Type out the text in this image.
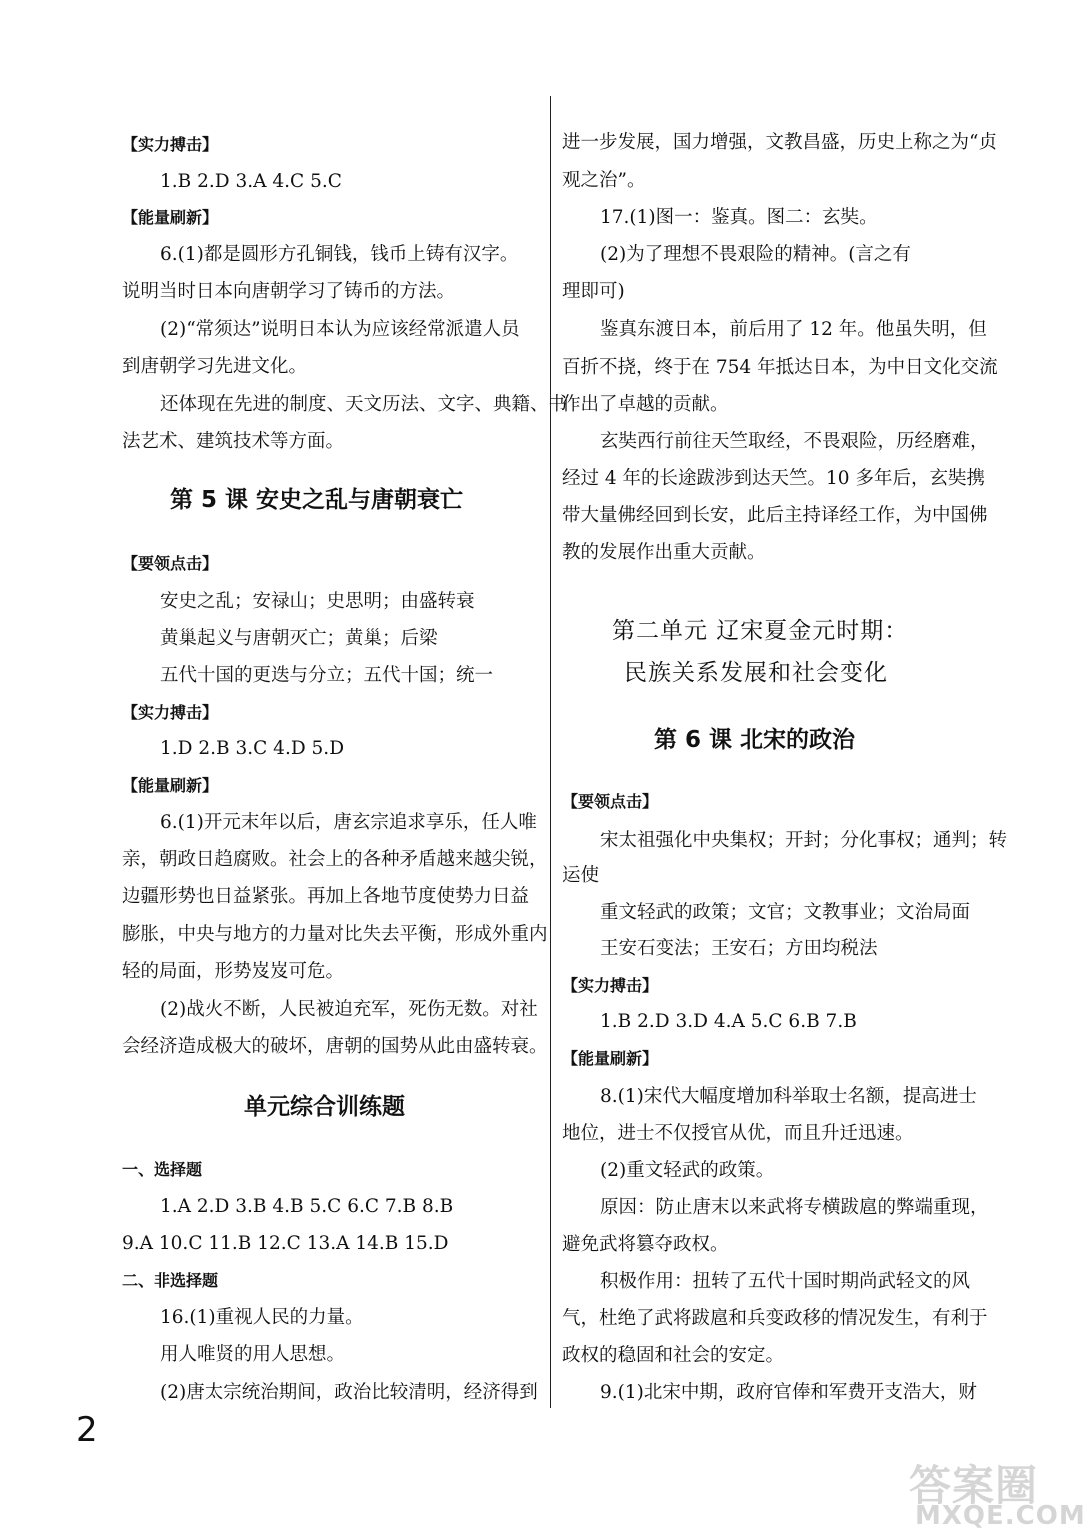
【实力搏击】
1.B 2.D 3.A 4.C 5.C
【能量刷新】
6.(1)都是圆形方孔铜钱，钱币上铸有汉字。
说明当时日本向唐朝学习了铸币的方法。
(2)“常须达”说明日本认为应该经常派遣人员
到唐朝学习先进文化。
还体现在先进的制度、天文历法、文字、典籍、书
法艺术、建筑技术等方面。
第 5 课 安史之乱与唐朝衰亡
【要领点击】
安史之乱；安禄山；史思明；由盛转衰
黄巢起义与唐朝灭亡；黄巢；后梁
五代十国的更迭与分立；五代十国；统一
【实力搏击】
1.D 2.B 3.C 4.D 5.D
【能量刷新】
6.(1)开元末年以后，唐玄宗追求享乐，任人唯
亲，朝政日趋腐败。社会上的各种矛盾越来越尖锐，
边疆形势也日益紧张。再加上各地节度使势力日益
膨胀，中央与地方的力量对比失去平衡，形成外重内
轻的局面，形势岌岌可危。
(2)战火不断，人民被迫充军，死伤无数。对社
会经济造成极大的破坏，唐朝的国势从此由盛转衰。
单元综合训练题
一、选择题
1.A 2.D 3.B 4.B 5.C 6.C 7.B 8.B
9.A 10.C 11.B 12.C 13.A 14.B 15.D
二、非选择题
16.(1)重视人民的力量。
用人唯贤的用人思想。
(2)唐太宗统治期间，政治比较清明，经济得到
进一步发展，国力增强，文教昌盛，历史上称之为“贞
观之治”。
17.(1)图一：鉴真。图二：玄奘。
(2)为了理想不畏艰险的精神。(言之有
理即可)
鉴真东渡日本，前后用了 12 年。他虽失明，但
百折不挠，终于在 754 年抵达日本，为中日文化交流
作出了卓越的贡献。
玄奘西行前往天竺取经，不畏艰险，历经磨难，
经过 4 年的长途跋涉到达天竺。10 多年后，玄奘携
带大量佛经回到长安，此后主持译经工作，为中国佛
教的发展作出重大贡献。
第二单元 辽宋夏金元时期：
民族关系发展和社会变化
第 6 课 北宋的政治
【要领点击】
宋太祖强化中央集权；开封；分化事权；通判；转
运使
重文轻武的政策；文官；文教事业；文治局面
王安石变法；王安石；方田均税法
【实力搏击】
1.B 2.D 3.D 4.A 5.C 6.B 7.B
【能量刷新】
8.(1)宋代大幅度增加科举取士名额，提高进士
地位，进士不仅授官从优，而且升迁迅速。
(2)重文轻武的政策。
原因：防止唐末以来武将专横跋扈的弊端重现，
避免武将篡夺政权。
积极作用：扭转了五代十国时期尚武轻文的风
气，杜绝了武将跋扈和兵变政移的情况发生，有利于
政权的稳固和社会的安定。
9.(1)北宋中期，政府官俸和军费开支浩大，财
2
答案圈
MXQE.COM
